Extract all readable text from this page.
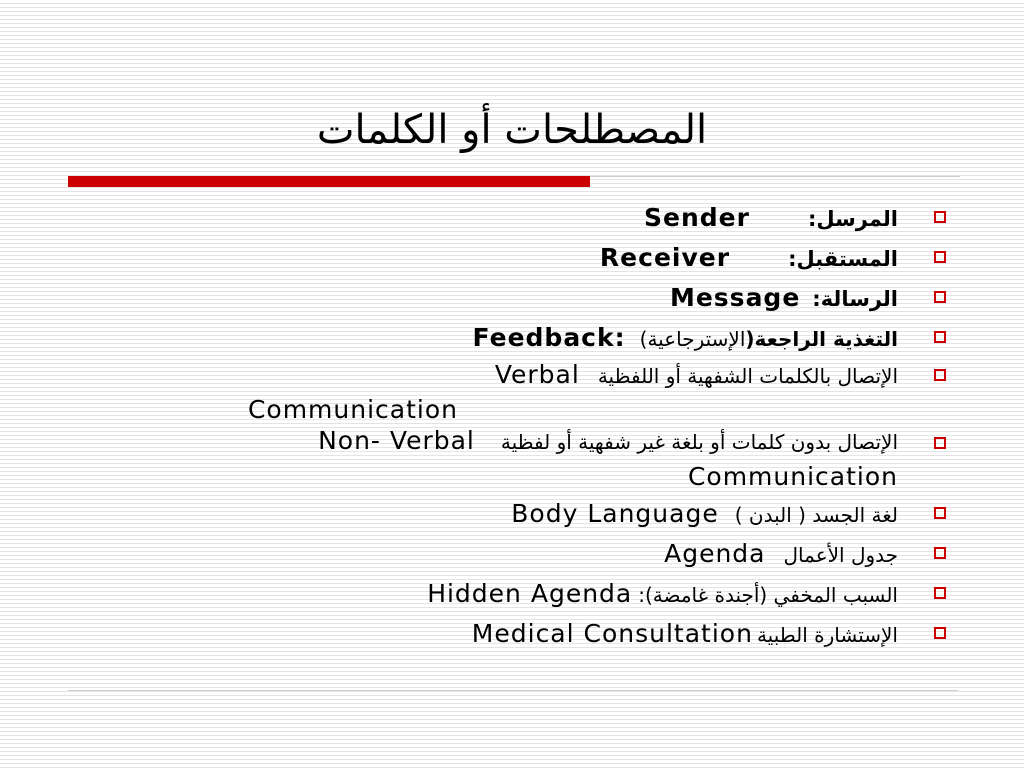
المصطلحات أو الكلمات
المرسل:Sender
المستقبل:Receiver
الرسالة:Message
التغذية الراجعة(الإسترجاعية)Feedback:
الإتصال بالكلمات الشفهية أو اللفظيةVerbal
Communication
الإتصال بدون كلمات أو بلغة غير شفهية أو لفظيةNon- Verbal
Communication
لغة الجسد ( البدن )Body Language
جدول الأعمالAgenda
السبب المخفي (أجندة غامضة):Hidden Agenda
الإستشارة الطبيةMedical Consultation
